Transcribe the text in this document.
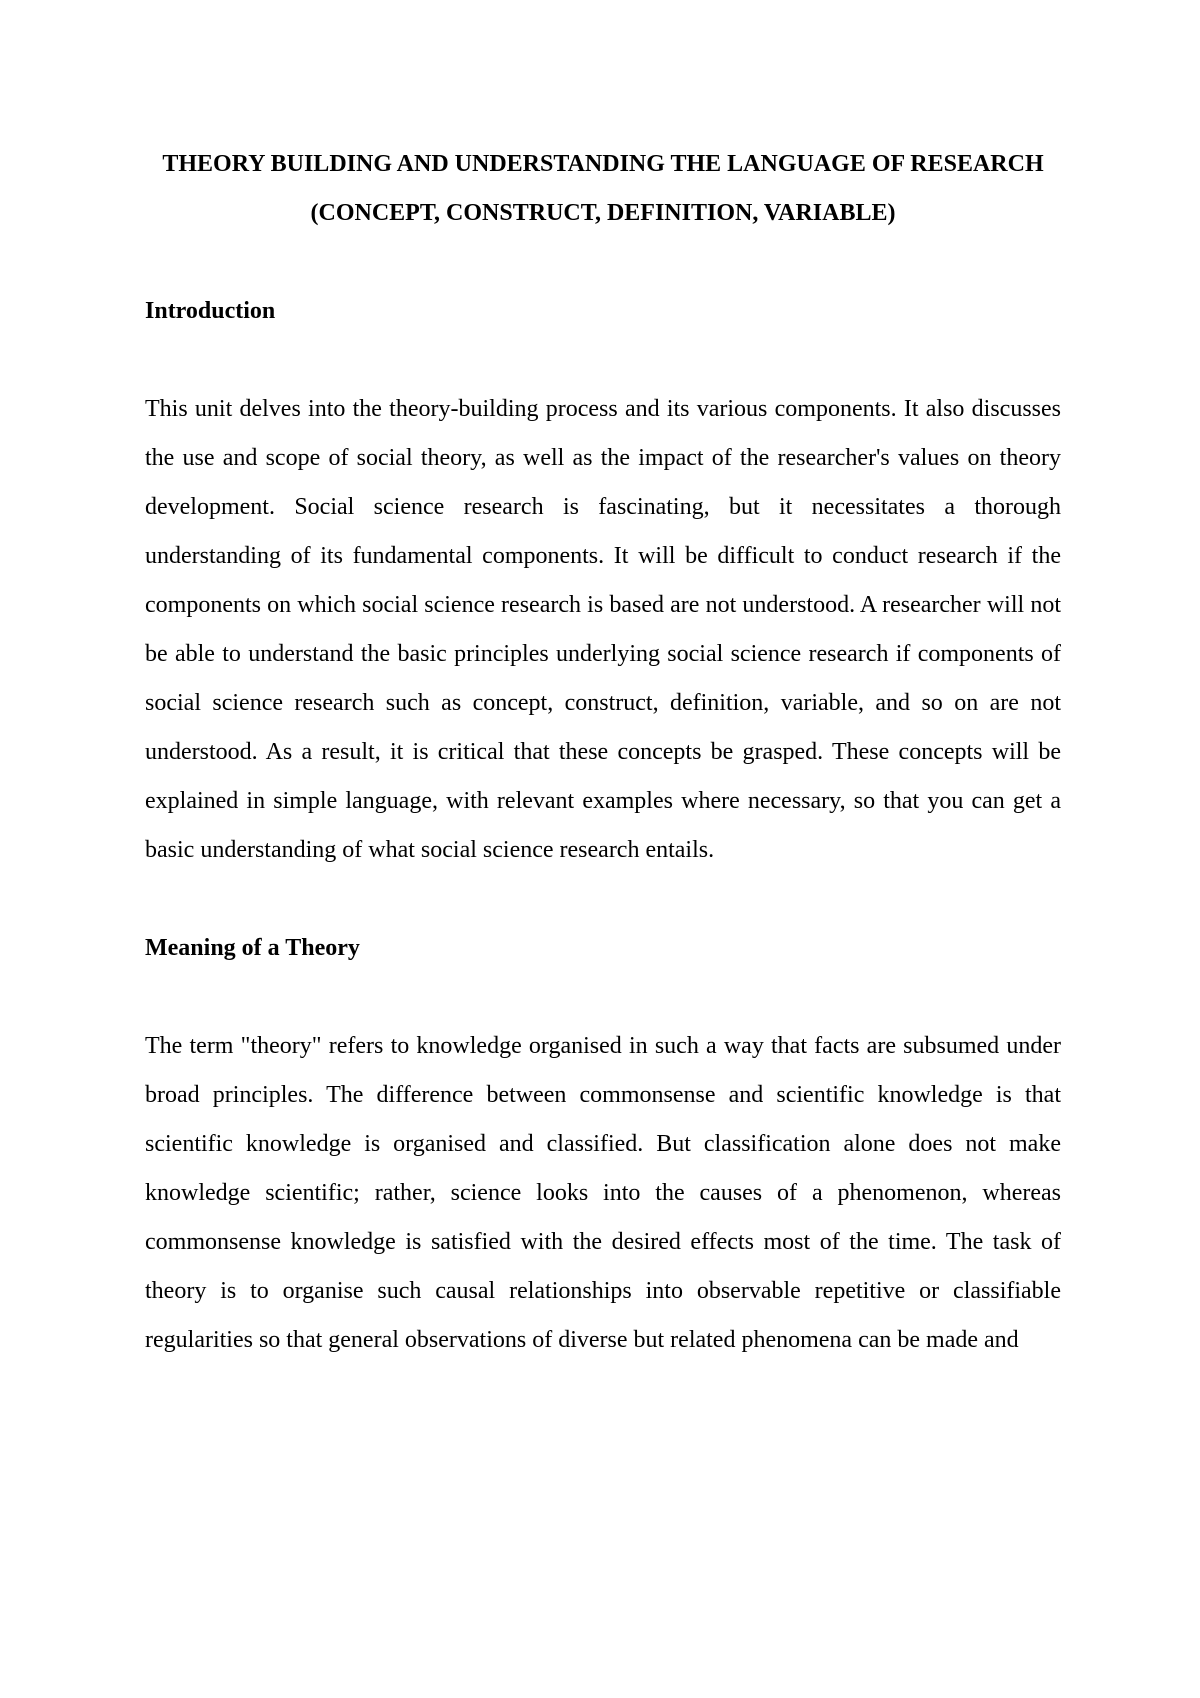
THEORY BUILDING AND UNDERSTANDING THE LANGUAGE OF RESEARCH (CONCEPT, CONSTRUCT, DEFINITION, VARIABLE)
Introduction

This unit delves into the theory-building process and its various components. It also discusses the use and scope of social theory, as well as the impact of the researcher's values on theory development. Social science research is fascinating, but it necessitates a thorough understanding of its fundamental components. It will be difficult to conduct research if the components on which social science research is based are not understood. A researcher will not be able to understand the basic principles underlying social science research if components of social science research such as concept, construct, definition, variable, and so on are not understood. As a result, it is critical that these concepts be grasped. These concepts will be explained in simple language, with relevant examples where necessary, so that you can get a basic understanding of what social science research entails.

Meaning of a Theory

The term "theory" refers to knowledge organised in such a way that facts are subsumed under broad principles. The difference between commonsense and scientific knowledge is that scientific knowledge is organised and classified. But classification alone does not make knowledge scientific; rather, science looks into the causes of a phenomenon, whereas commonsense knowledge is satisfied with the desired effects most of the time. The task of theory is to organise such causal relationships into observable repetitive or classifiable regularities so that general observations of diverse but related phenomena can be made and
